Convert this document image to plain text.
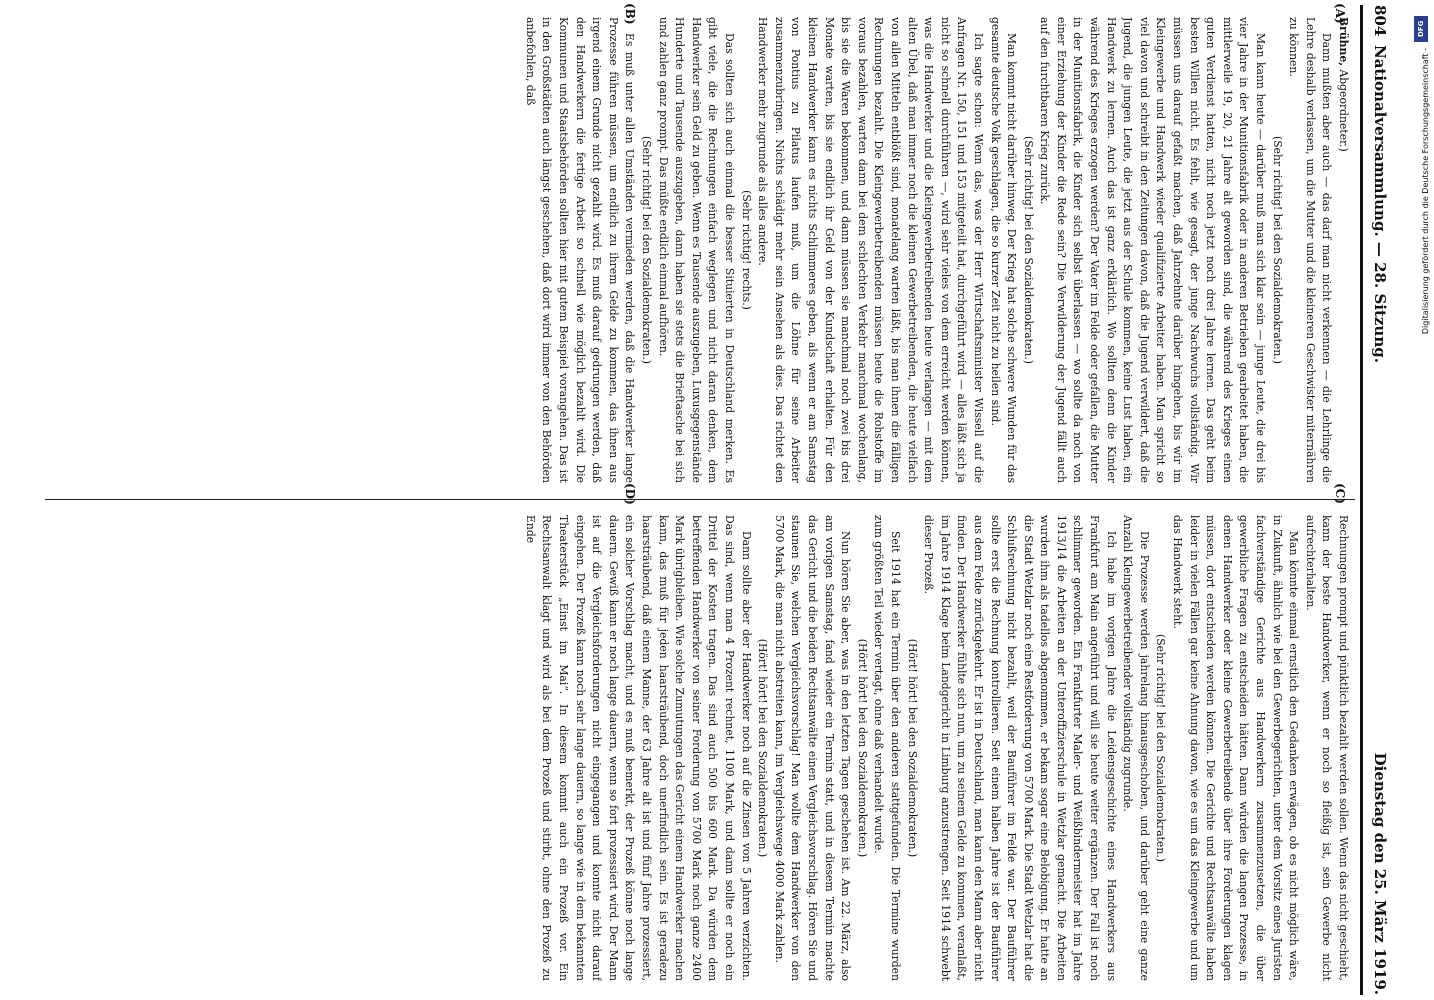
804
Nationalversammlung. — 28. Sitzung.
Dienstag den 25. März 1919.
(A)
(B)
(C)
(D)

Brühne, Abgeordneter.)

Dann mußten aber auch — das darf man nicht verkennen — die Lehrlinge die Lehre deshalb verlassen, um die Mutter und die kleineren Geschwister miternähren zu können.

(Sehr richtig! bei den Sozialdemokraten.)

Man kann heute — darüber muß man sich klar sein — junge Leute, die drei bis vier Jahre in der Munitionsfabrik oder in anderen Betrieben gearbeitet haben, die mittlerweile 19, 20, 21 Jahre alt geworden sind, die während des Krieges einen guten Verdienst hatten, nicht noch jetzt noch drei Jahre lernen. Das geht beim besten Willen nicht. Es fehlt, wie gesagt, der junge Nachwuchs vollständig. Wir müssen uns darauf gefaßt machen, daß Jahrzehnte darüber hingehen, bis wir im Kleingewerbe und Handwerk wieder qualifizierte Arbeiter haben. Man spricht so viel davon und schreibt in den Zeitungen davon, daß die Jugend verwildert, daß die Jugend, die jungen Leute, die jetzt aus der Schule kommen, keine Lust haben, ein Handwerk zu lernen. Auch das ist ganz erklärlich. Wo sollten denn die Kinder während des Krieges erzogen werden? Der Vater im Felde oder gefallen, die Mutter in der Munitionsfabrik, die Kinder sich selbst überlassen — wo sollte da noch von einer Erziehung der Kinder die Rede sein? Die Verwilderung der Jugend fällt auch auf den furchtbaren Krieg zurück.

(Sehr richtig! bei den Sozialdemokraten.)

Man kommt nicht darüber hinweg. Der Krieg hat solche schwere Wunden für das gesamte deutsche Volk geschlagen, die so kurzer Zeit nicht zu heilen sind.

Ich sagte schon: Wenn das, was der Herr Wirtschaftsminister Wissell auf die Anfragen Nr. 150, 151 und 153 mitgeteilt hat, durchgeführt wird — alles läßt sich ja nicht so schnell durchführen —, wird sehr vieles von dem erreicht werden können, was die Handwerker und die Kleingewerbetreibenden heute verlangen — mit dem alten Übel, daß man immer noch die kleinen Gewerbetreibenden, die heute vielfach von allen Mitteln entblößt sind, monatelang warten läßt, bis man ihnen die fälligen Rechnungen bezahlt. Die Kleingewerbetreibenden müssen heute die Rohstoffe im voraus bezahlen, warten dann bei dem schlechten Verkehr manchmal wochenlang, bis sie die Waren bekommen, und dann müssen sie manchmal noch zwei bis drei Monate warten, bis sie endlich ihr Geld von der Kundschaft erhalten. Für den kleinen Handwerker kann es nichts Schlimmeres geben, als wenn er am Samstag von Pontius zu Pilatus laufen muß, um die Löhne für seine Arbeiter zusammenzubringen. Nichts schädigt mehr sein Ansehen als dies. Das richtet den Handwerker mehr zugrunde als alles andere.

(Sehr richtig! rechts.)

Das sollten sich auch einmal die besser Situierten in Deutschland merken. Es gibt viele, die die Rechnungen einfach weglegen und nicht daran denken, dem Handwerker sein Geld zu geben. Wenn es Tausende auszugeben, Luxusgegenstände Hunderte und Tausende auszugeben, dann haben sie stets die Brieftasche bei sich und zahlen ganz prompt. Das müßte endlich einmal aufhören.

(Sehr richtig! bei den Sozialdemokraten.)

Es muß unter allen Umständen vermieden werden, daß die Handwerker lange Prozesse führen müssen, um endlich zu ihrem Gelde zu kommen, das ihnen aus irgend einem Grunde nicht gezahlt wird. Es muß darauf gedrungen werden, daß den Handwerkern die fertige Arbeit so schnell wie möglich bezahlt wird. Die Kommunen und Staatsbehörden sollten hier mit gutem Beispiel vorangehen. Das ist in den Großstädten auch längst geschehen, daß dort wird immer von den Behörden anbefohlen, daß

Rechnungen prompt und pünktlich bezahlt werden sollen. Wenn das nicht geschieht, kann der beste Handwerker, wenn er noch so fleißig ist, sein Gewerbe nicht aufrechterhalten.

Man könnte einmal ernstlich den Gedanken erwägen, ob es nicht möglich wäre, in Zukunft, ähnlich wie bei den Gewerbegerichten, unter dem Vorsitz eines Juristen fachverständige Gerichte aus Handwerkern zusammenzusetzen, die über gewerbliche Fragen zu entscheiden hätten. Dann würden die langen Prozesse, in denen Handwerker oder kleine Gewerbetreibende über ihre Forderungen klagen müssen, dort entschieden werden können. Die Gerichte und Rechtsanwälte haben leider in vielen Fällen gar keine Ahnung davon, wie es um das Kleingewerbe und um das Handwerk steht.

(Sehr richtig! bei den Sozialdemokraten.)

Die Prozesse werden jahrelang hinausgeschoben, und darüber geht eine ganze Anzahl Kleingewerbetreibender vollständig zugrunde.

Ich habe im vorigen Jahre die Leidensgeschichte eines Handwerkers aus Frankfurt am Main angeführt und will sie heute weiter ergänzen. Der Fall ist noch schlimmer geworden. Ein Frankfurter Maler- und Weißbindermeister hat im Jahre 1913/14 die Arbeiten an der Unteroffizierschule in Wetzlar gemacht. Die Arbeiten wurden ihm als tadellos abgenommen, er bekam sogar eine Belobigung. Er hatte an die Stadt Wetzlar noch eine Restforderung von 5700 Mark. Die Stadt Wetzlar hat die Schlußrechnung nicht bezahlt, weil der Bauführer im Felde war. Der Bauführer sollte erst die Rechnung kontrollieren. Seit einem halben Jahre ist der Bauführer aus dem Felde zurückgekehrt. Er ist in Deutschland, man kann den Mann aber nicht finden. Der Handwerker fühlte sich nun, um zu seinem Gelde zu kommen, veranlaßt, im Jahre 1914 Klage beim Landgericht in Limburg anzustrengen. Seit 1914 schwebt dieser Prozeß.

(Hört! hört! bei den Sozialdemokraten.)

Seit 1914 hat ein Termin über den anderen stattgefunden. Die Termine wurden zum größten Teil wieder vertagt, ohne daß verhandelt wurde.

(Hört! hört! bei den Sozialdemokraten.)

Nun hören Sie aber, was in den letzten Tagen geschehen ist. Am 22. März, also am vorigen Samstag, fand wieder ein Termin statt, und in diesem Termin machte das Gericht und die beiden Rechtsanwälte einen Vergleichsvorschlag. Hören Sie und staunen Sie, welchen Vergleichsvorschlag! Man wollte dem Handwerker von den 5700 Mark, die man nicht abstreiten kann, im Vergleichswege 4000 Mark zahlen.

(Hört! hört! bei den Sozialdemokraten.)

Dann sollte aber der Handwerker noch auf die Zinsen von 5 Jahren verzichten. Das sind, wenn man 4 Prozent rechnet, 1100 Mark, und dann sollte er noch ein Drittel der Kosten tragen. Das sind auch 500 bis 600 Mark. Da würden dem betreffenden Handwerker von seiner Forderung von 5700 Mark noch ganze 2400 Mark übrigbleiben. Wie solche Zumutungen das Gericht einem Handwerker machen kann, das muß für jeden haarsträubend, doch unerfindlich sein. Es ist geradezu haarsträubend, daß einem Manne, der 63 Jahre alt ist und fünf Jahre prozessiert, ein solcher Vorschlag macht, und es muß bemerkt, der Prozeß könne noch lange dauern. Gewiß kann er noch lange dauern, wenn so fort prozessiert wird. Der Mann ist auf die Vergleichsforderungen nicht eingegangen und konnte nicht darauf eingehen. Der Prozeß kann noch sehr lange dauern, so lange wie in dem bekannten Theaterstück „Einst im Mai“. In diesem kommt auch ein Prozeß vor. Ein Rechtsanwalt klagt und wird als bei dem Prozeß und stirbt, ohne den Prozeß zu Ende

DFG
Digitalisierung gefördert durch die Deutsche Forschungsgemeinschaft -
